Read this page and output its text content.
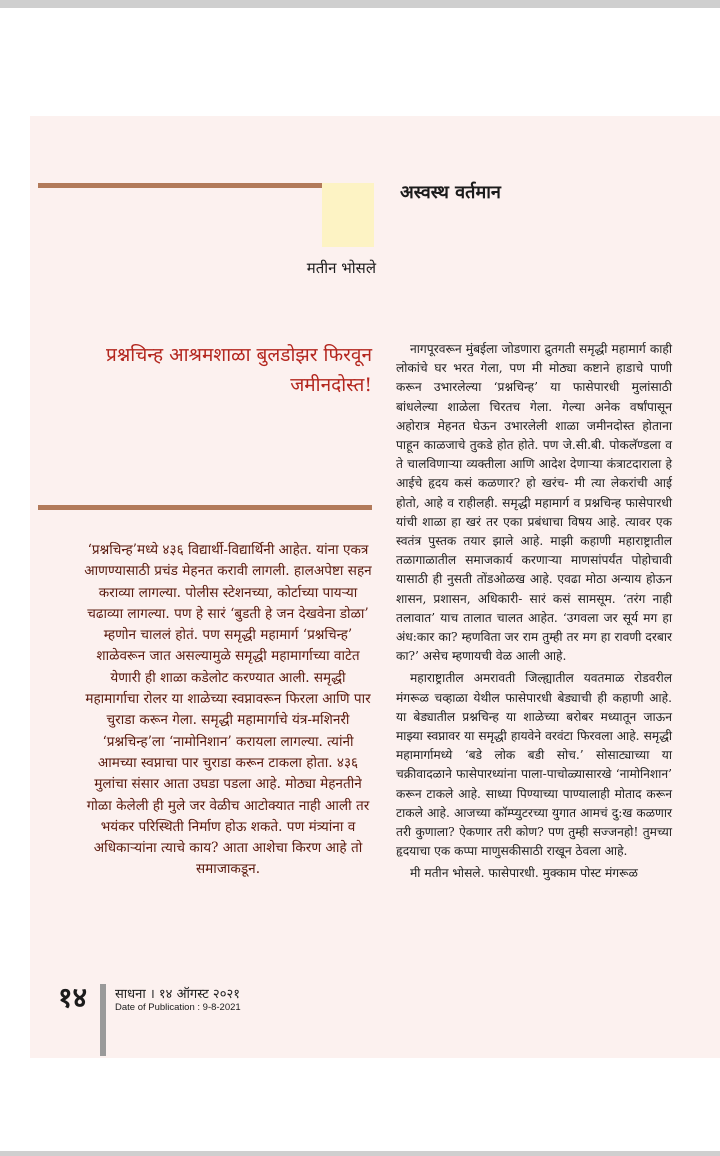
अस्वस्थ वर्तमान

मतीन भोसले

प्रश्नचिन्ह आश्रमशाळा बुलडोझर फिरवून जमीनदोस्त!

‘प्रश्नचिन्ह’मध्ये ४३६ विद्यार्थी-विद्यार्थिनी आहेत. यांना एकत्र आणण्यासाठी प्रचंड मेहनत करावी लागली. हालअपेष्टा सहन कराव्या लागल्या. पोलीस स्टेशनच्या, कोर्टाच्या पायऱ्या चढाव्या लागल्या. पण हे सारं ‘बुडती हे जन देखवेना डोळा’ म्हणोन चाललं होतं. पण समृद्धी महामार्ग ‘प्रश्नचिन्ह’ शाळेवरून जात असल्यामुळे समृद्धी महामार्गाच्या वाटेत येणारी ही शाळा कडेलोट करण्यात आली. समृद्धी महामार्गाचा रोलर या शाळेच्या स्वप्नावरून फिरला आणि पार चुराडा करून गेला. समृद्धी महामार्गाचे यंत्र-मशिनरी ‘प्रश्नचिन्ह’ला ‘नामोनिशान’ करायला लागल्या. त्यांनी आमच्या स्वप्नाचा पार चुराडा करून टाकला होता. ४३६ मुलांचा संसार आता उघडा पडला आहे. मोठ्या मेहनतीने गोळा केलेली ही मुले जर वेळीच आटोक्यात नाही आली तर भयंकर परिस्थिती निर्माण होऊ शकते. पण मंत्र्यांना व अधिकाऱ्यांना त्याचे काय? आता आशेचा किरण आहे तो समाजाकडून.

नागपूरवरून मुंबईला जोडणारा द्रुतगती समृद्धी महामार्ग काही लोकांचे घर भरत गेला, पण मी मोठ्या कष्टाने हाडाचे पाणी करून उभारलेल्या ‘प्रश्नचिन्ह’ या फासेपारधी मुलांसाठी बांधलेल्या शाळेला चिरतच गेला. गेल्या अनेक वर्षांपासून अहोरात्र मेहनत घेऊन उभारलेली शाळा जमीनदोस्त होताना पाहून काळजाचे तुकडे होत होते. पण जे.सी.बी. पोकलॅण्डला व ते चालविणाऱ्या व्यक्तीला आणि आदेश देणाऱ्या कंत्राटदाराला हे आईचे हृदय कसं कळणार? हो खरंच- मी त्या लेकरांची आई होतो, आहे व राहीलही. समृद्धी महामार्ग व प्रश्नचिन्ह फासेपारधी यांची शाळा हा खरं तर एका प्रबंधाचा विषय आहे. त्यावर एक स्वतंत्र पुस्तक तयार झाले आहे. माझी कहाणी महाराष्ट्रातील तळागाळातील समाजकार्य करणाऱ्या माणसांपर्यंत पोहोचावी यासाठी ही नुसती तोंडओळख आहे. एवढा मोठा अन्याय होऊन शासन, प्रशासन, अधिकारी- सारं कसं सामसूम. ‘तरंग नाही तलावात’ याच तालात चालत आहेत. ‘उगवला जर सूर्य मग हा अंध:कार का? म्हणविता जर राम तुम्ही तर मग हा रावणी दरबार का?’ असेच म्हणायची वेळ आली आहे.

महाराष्ट्रातील अमरावती जिल्ह्यातील यवतमाळ रोडवरील मंगरूळ चव्हाळा येथील फासेपारधी बेड्याची ही कहाणी आहे. या बेड्यातील प्रश्नचिन्ह या शाळेच्या बरोबर मध्यातून जाऊन माझ्या स्वप्नावर या समृद्धी हायवेने वरवंटा फिरवला आहे. समृद्धी महामार्गामध्ये ‘बडे लोक बडी सोच.’ सोसाट्याच्या या चक्रीवादळाने फासेपारध्यांना पाला-पाचोळ्यासारखे ‘नामोनिशान’ करून टाकले आहे. साध्या पिण्याच्या पाण्यालाही मोताद करून टाकले आहे. आजच्या कॉम्प्युटरच्या युगात आमचं दु:ख कळणार तरी कुणाला? ऐकणार तरी कोण? पण तुम्ही सज्जनहो! तुमच्या हृदयाचा एक कप्पा माणुसकीसाठी राखून ठेवला आहे.

मी मतीन भोसले. फासेपारधी. मुक्काम पोस्ट मंगरूळ

१४ साधना । १४ ऑगस्ट २०२१

Date of Publication : 9-8-2021
